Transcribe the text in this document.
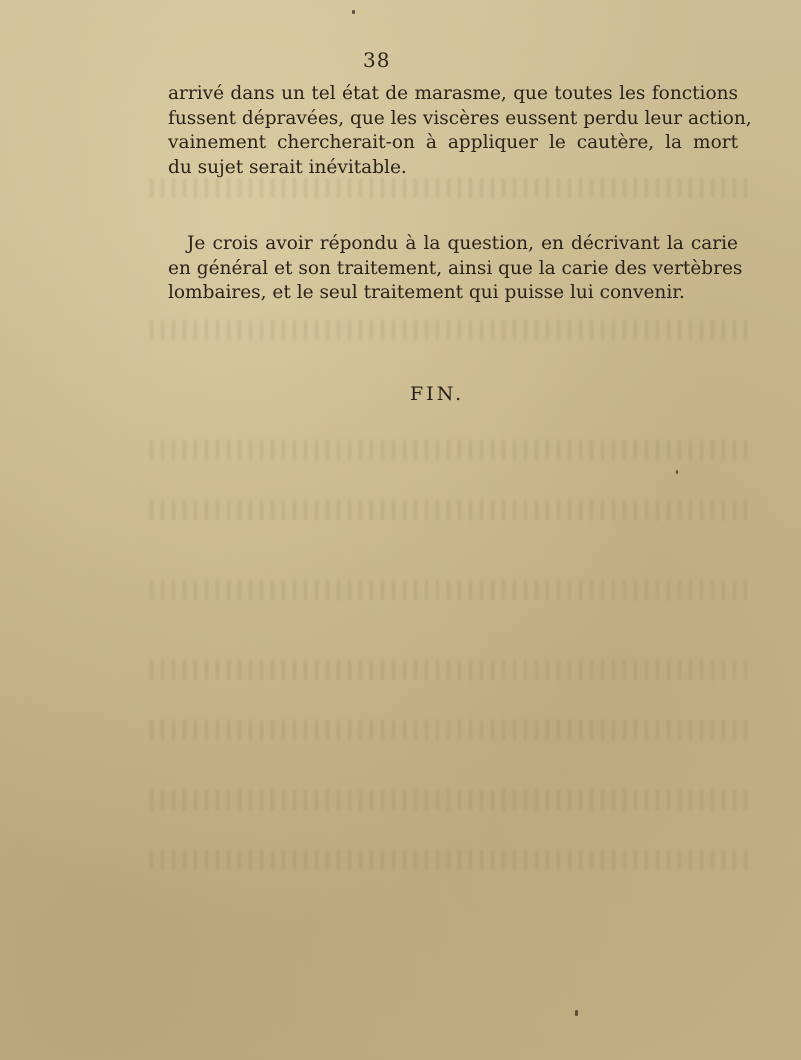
38

arrivé dans un tel état de marasme, que toutes les fonctions
fussent dépravées, que les viscères eussent perdu leur action,
vainement chercherait-on à appliquer le cautère, la mort
du sujet serait inévitable.

Je crois avoir répondu à la question, en décrivant la carie
en général et son traitement, ainsi que la carie des vertèbres
lombaires, et le seul traitement qui puisse lui convenir.

FIN.
